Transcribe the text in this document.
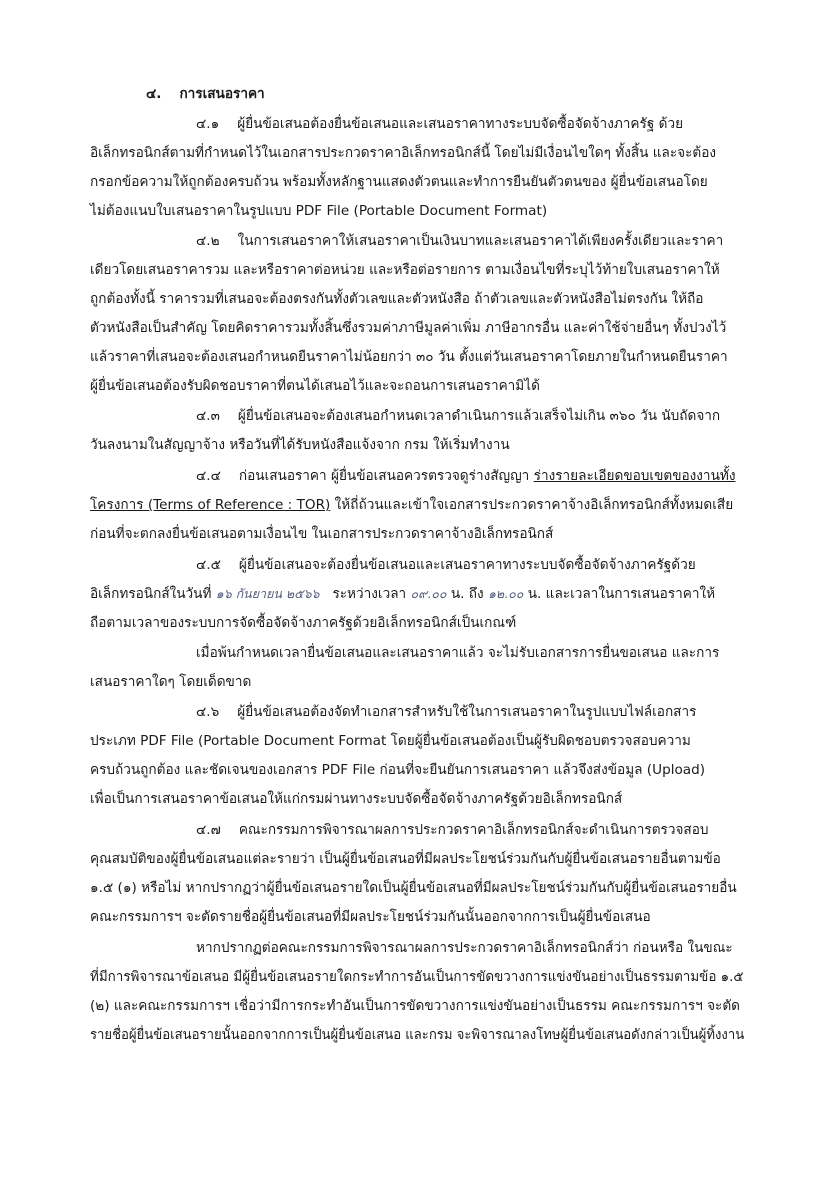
๔. การเสนอราคา
๔.๑ ผู้ยื่นข้อเสนอต้องยื่นข้อเสนอและเสนอราคาทางระบบจัดซื้อจัดจ้างภาครัฐ ด้วย
อิเล็กทรอนิกส์ตามที่กำหนดไว้ในเอกสารประกวดราคาอิเล็กทรอนิกส์นี้ โดยไม่มีเงื่อนไขใดๆ ทั้งสิ้น และจะต้อง
กรอกข้อความให้ถูกต้องครบถ้วน พร้อมทั้งหลักฐานแสดงตัวตนและทำการยืนยันตัวตนของ ผู้ยื่นข้อเสนอโดย
ไม่ต้องแนบใบเสนอราคาในรูปแบบ PDF File (Portable Document Format)
๔.๒ ในการเสนอราคาให้เสนอราคาเป็นเงินบาทและเสนอราคาได้เพียงครั้งเดียวและราคา
เดียวโดยเสนอราคารวม และหรือราคาต่อหน่วย และหรือต่อรายการ ตามเงื่อนไขที่ระบุไว้ท้ายใบเสนอราคาให้
ถูกต้องทั้งนี้ ราคารวมที่เสนอจะต้องตรงกันทั้งตัวเลขและตัวหนังสือ ถ้าตัวเลขและตัวหนังสือไม่ตรงกัน ให้ถือ
ตัวหนังสือเป็นสำคัญ โดยคิดราคารวมทั้งสิ้นซึ่งรวมค่าภาษีมูลค่าเพิ่ม ภาษีอากรอื่น และค่าใช้จ่ายอื่นๆ ทั้งปวงไว้
แล้วราคาที่เสนอจะต้องเสนอกำหนดยืนราคาไม่น้อยกว่า ๓๐ วัน ตั้งแต่วันเสนอราคาโดยภายในกำหนดยืนราคา
ผู้ยื่นข้อเสนอต้องรับผิดชอบราคาที่ตนได้เสนอไว้และจะถอนการเสนอราคามิได้
๔.๓ ผู้ยื่นข้อเสนอจะต้องเสนอกำหนดเวลาดำเนินการแล้วเสร็จไม่เกิน ๓๖๐ วัน นับถัดจาก
วันลงนามในสัญญาจ้าง หรือวันที่ได้รับหนังสือแจ้งจาก กรม ให้เริ่มทำงาน
๔.๔ ก่อนเสนอราคา ผู้ยื่นข้อเสนอควรตรวจดูร่างสัญญา ร่างรายละเอียดขอบเขตของงานทั้ง
โครงการ (Terms of Reference : TOR) ให้ถี่ถ้วนและเข้าใจเอกสารประกวดราคาจ้างอิเล็กทรอนิกส์ทั้งหมดเสีย
ก่อนที่จะตกลงยื่นข้อเสนอตามเงื่อนไข ในเอกสารประกวดราคาจ้างอิเล็กทรอนิกส์
๔.๕ ผู้ยื่นข้อเสนอจะต้องยื่นข้อเสนอและเสนอราคาทางระบบจัดซื้อจัดจ้างภาครัฐด้วย
อิเล็กทรอนิกส์ในวันที่ ๑๖ กันยายน ๒๕๖๖ ระหว่างเวลา ๐๙.๐๐ น. ถึง ๑๒.๐๐ น. และเวลาในการเสนอราคาให้
ถือตามเวลาของระบบการจัดซื้อจัดจ้างภาครัฐด้วยอิเล็กทรอนิกส์เป็นเกณฑ์
เมื่อพ้นกำหนดเวลายื่นข้อเสนอและเสนอราคาแล้ว จะไม่รับเอกสารการยื่นขอเสนอ และการ
เสนอราคาใดๆ โดยเด็ดขาด
๔.๖ ผู้ยื่นข้อเสนอต้องจัดทำเอกสารสำหรับใช้ในการเสนอราคาในรูปแบบไฟล์เอกสาร
ประเภท PDF File (Portable Document Format โดยผู้ยื่นข้อเสนอต้องเป็นผู้รับผิดชอบตรวจสอบความ
ครบถ้วนถูกต้อง และชัดเจนของเอกสาร PDF File ก่อนที่จะยืนยันการเสนอราคา แล้วจึงส่งข้อมูล (Upload)
เพื่อเป็นการเสนอราคาข้อเสนอให้แก่กรมผ่านทางระบบจัดซื้อจัดจ้างภาครัฐด้วยอิเล็กทรอนิกส์
๔.๗ คณะกรรมการพิจารณาผลการประกวดราคาอิเล็กทรอนิกส์จะดำเนินการตรวจสอบ
คุณสมบัติของผู้ยื่นข้อเสนอแต่ละรายว่า เป็นผู้ยื่นข้อเสนอที่มีผลประโยชน์ร่วมกันกับผู้ยื่นข้อเสนอรายอื่นตามข้อ
๑.๕ (๑) หรือไม่ หากปรากฏว่าผู้ยื่นข้อเสนอรายใดเป็นผู้ยื่นข้อเสนอที่มีผลประโยชน์ร่วมกันกับผู้ยื่นข้อเสนอรายอื่น
คณะกรรมการฯ จะตัดรายชื่อผู้ยื่นข้อเสนอที่มีผลประโยชน์ร่วมกันนั้นออกจากการเป็นผู้ยื่นข้อเสนอ
หากปรากฏต่อคณะกรรมการพิจารณาผลการประกวดราคาอิเล็กทรอนิกส์ว่า ก่อนหรือ ในขณะ
ที่มีการพิจารณาข้อเสนอ มีผู้ยื่นข้อเสนอรายใดกระทำการอันเป็นการขัดขวางการแข่งขันอย่างเป็นธรรมตามข้อ ๑.๕
(๒) และคณะกรรมการฯ เชื่อว่ามีการกระทำอันเป็นการขัดขวางการแข่งขันอย่างเป็นธรรม คณะกรรมการฯ จะตัด
รายชื่อผู้ยื่นข้อเสนอรายนั้นออกจากการเป็นผู้ยื่นข้อเสนอ และกรม จะพิจารณาลงโทษผู้ยื่นข้อเสนอดังกล่าวเป็นผู้ทิ้งงาน
